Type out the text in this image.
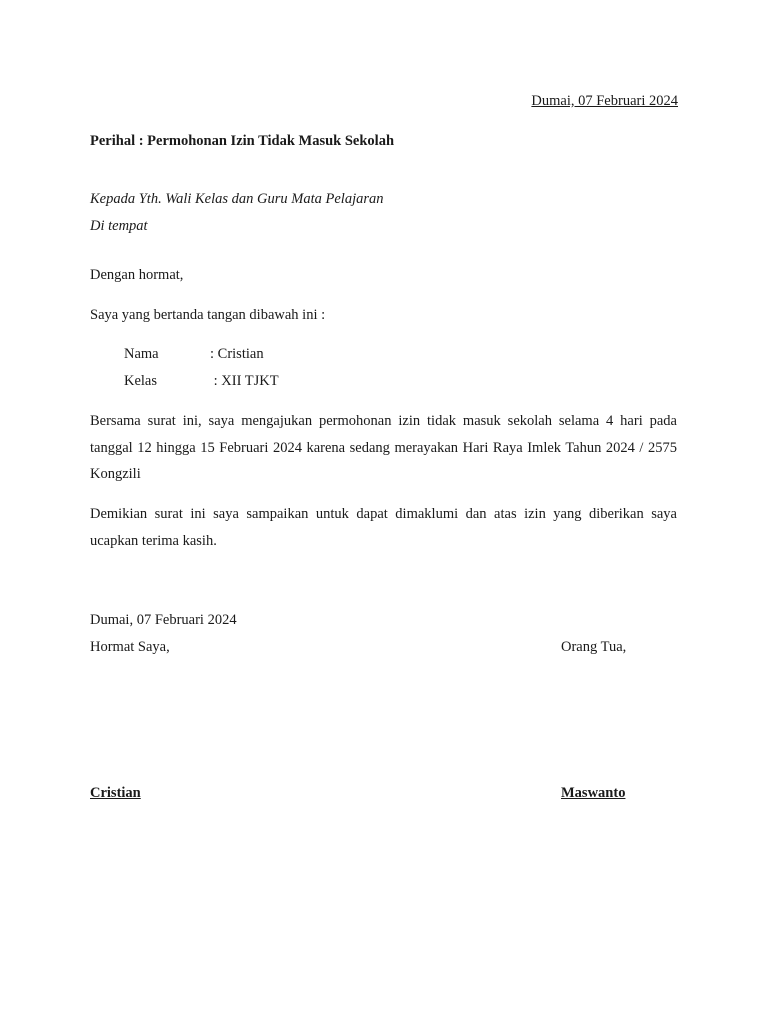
Dumai, 07 Februari 2024
Perihal : Permohonan Izin Tidak Masuk Sekolah
Kepada Yth. Wali Kelas dan Guru Mata Pelajaran
Di tempat
Dengan hormat,
Saya yang bertanda tangan dibawah ini :
Nama	: Cristian
Kelas	: XII TJKT
Bersama surat ini, saya mengajukan permohonan izin tidak masuk sekolah selama 4 hari pada tanggal 12 hingga 15 Februari 2024 karena sedang merayakan Hari Raya Imlek Tahun 2024 / 2575 Kongzili
Demikian surat ini saya sampaikan untuk dapat dimaklumi dan atas izin yang diberikan saya ucapkan terima kasih.
Dumai, 07 Februari 2024
Hormat Saya,	Orang Tua,
Cristian	Maswanto
